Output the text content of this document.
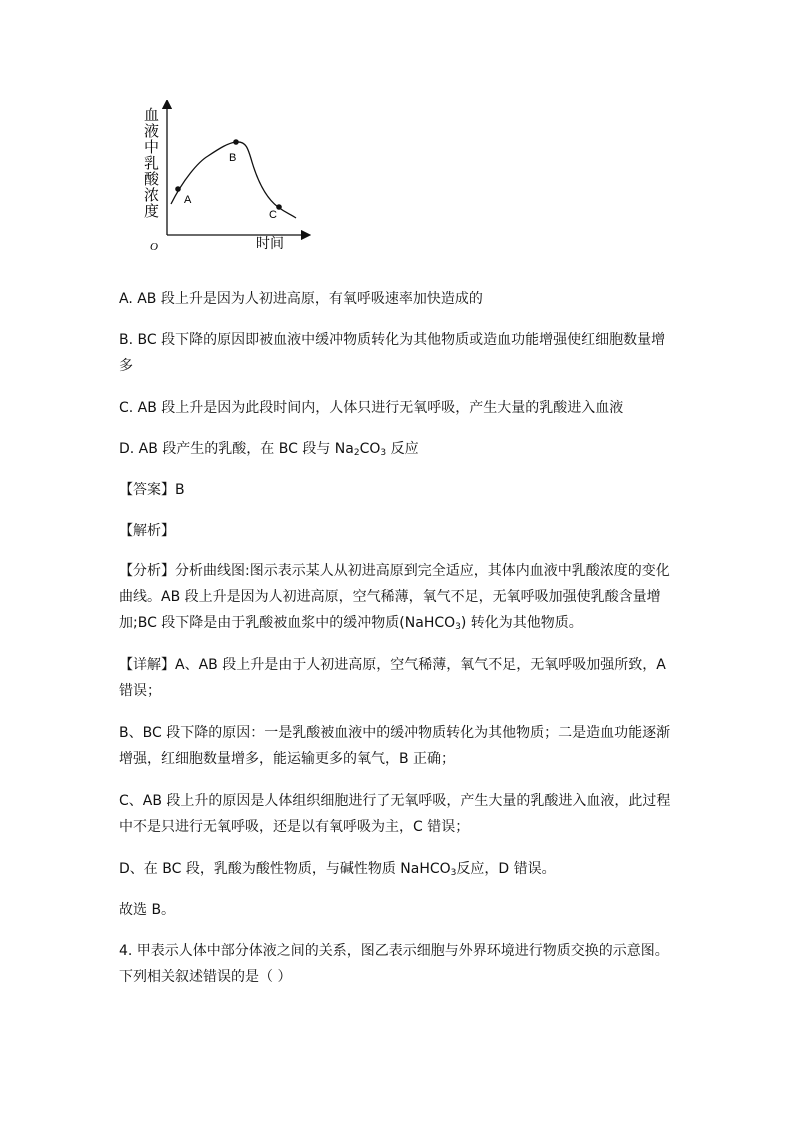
A
B
C
O	时间
血液中乳酸浓度

A. AB 段上升是因为人初进高原，有氧呼吸速率加快造成的

B. BC 段下降的原因即被血液中缓冲物质转化为其他物质或造血功能增强使红细胞数量增
多

C. AB 段上升是因为此段时间内，人体只进行无氧呼吸，产生大量的乳酸进入血液

D. AB 段产生的乳酸，在 BC 段与 $Na_2CO_3$ 反应

【答案】B

【解析】

【分析】分析曲线图:图示表示某人从初进高原到完全适应，其体内血液中乳酸浓度的变化
曲线。AB 段上升是因为人初进高原，空气稀薄，氧气不足，无氧呼吸加强使乳酸含量增
加;BC 段下降是由于乳酸被血浆中的缓冲物质(NaHCO$_3$) 转化为其他物质。

【详解】A、AB 段上升是由于人初进高原，空气稀薄，氧气不足，无氧呼吸加强所致，A
错误；

B、BC 段下降的原因：一是乳酸被血液中的缓冲物质转化为其他物质；二是造血功能逐渐
增强，红细胞数量增多，能运输更多的氧气，B 正确；

C、AB 段上升的原因是人体组织细胞进行了无氧呼吸，产生大量的乳酸进入血液，此过程
中不是只进行无氧呼吸，还是以有氧呼吸为主，C 错误；

D、在 BC 段，乳酸为酸性物质，与碱性物质 NaHCO$_3$反应，D 错误。

故选 B。

4. 甲表示人体中部分体液之间的关系，图乙表示细胞与外界环境进行物质交换的示意图。
下列相关叙述错误的是（ ）
